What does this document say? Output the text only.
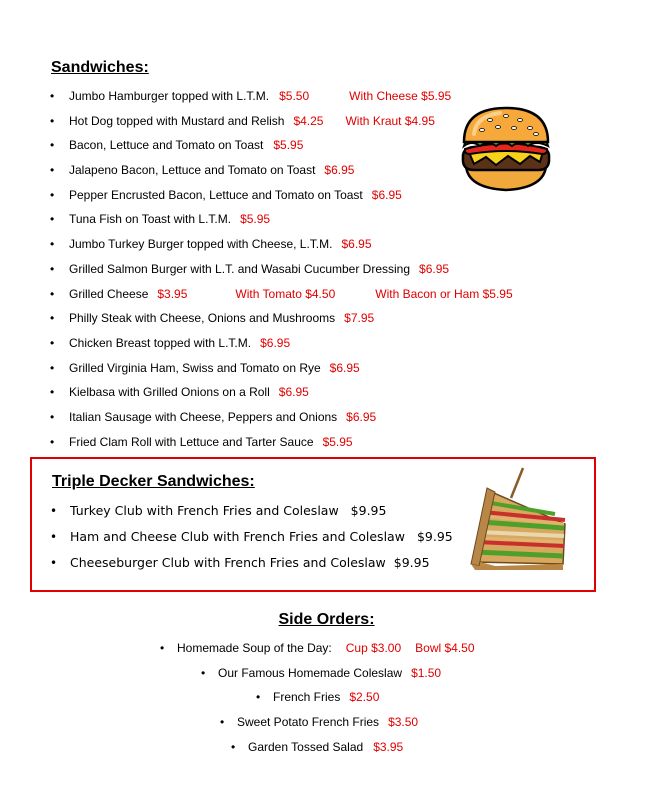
Sandwiches:
• Jumbo Hamburger topped with L.T.M. $5.50	With Cheese $5.95
• Hot Dog topped with Mustard and Relish $4.25 With Kraut $4.95
• Bacon, Lettuce and Tomato on Toast $5.95
• Jalapeno Bacon, Lettuce and Tomato on Toast $6.95
• Pepper Encrusted Bacon, Lettuce and Tomato on Toast $6.95
• Tuna Fish on Toast with L.T.M. $5.95
• Jumbo Turkey Burger topped with Cheese, L.T.M. $6.95
• Grilled Salmon Burger with L.T. and Wasabi Cucumber Dressing $6.95
• Grilled Cheese $3.95	With Tomato $4.50	With Bacon or Ham $5.95
• Philly Steak with Cheese, Onions and Mushrooms $7.95
• Chicken Breast topped with L.T.M. $6.95
• Grilled Virginia Ham, Swiss and Tomato on Rye $6.95
• Kielbasa with Grilled Onions on a Roll $6.95
• Italian Sausage with Cheese, Peppers and Onions $6.95
• Fried Clam Roll with Lettuce and Tarter Sauce $5.95
Triple Decker Sandwiches:
• Turkey Club with French Fries and Coleslaw $9.95
• Ham and Cheese Club with French Fries and Coleslaw $9.95
• Cheeseburger Club with French Fries and Coleslaw $9.95
Side Orders:
• Homemade Soup of the Day: Cup $3.00 Bowl $4.50
• Our Famous Homemade Coleslaw $1.50
• French Fries $2.50
• Sweet Potato French Fries $3.50
• Garden Tossed Salad $3.95
